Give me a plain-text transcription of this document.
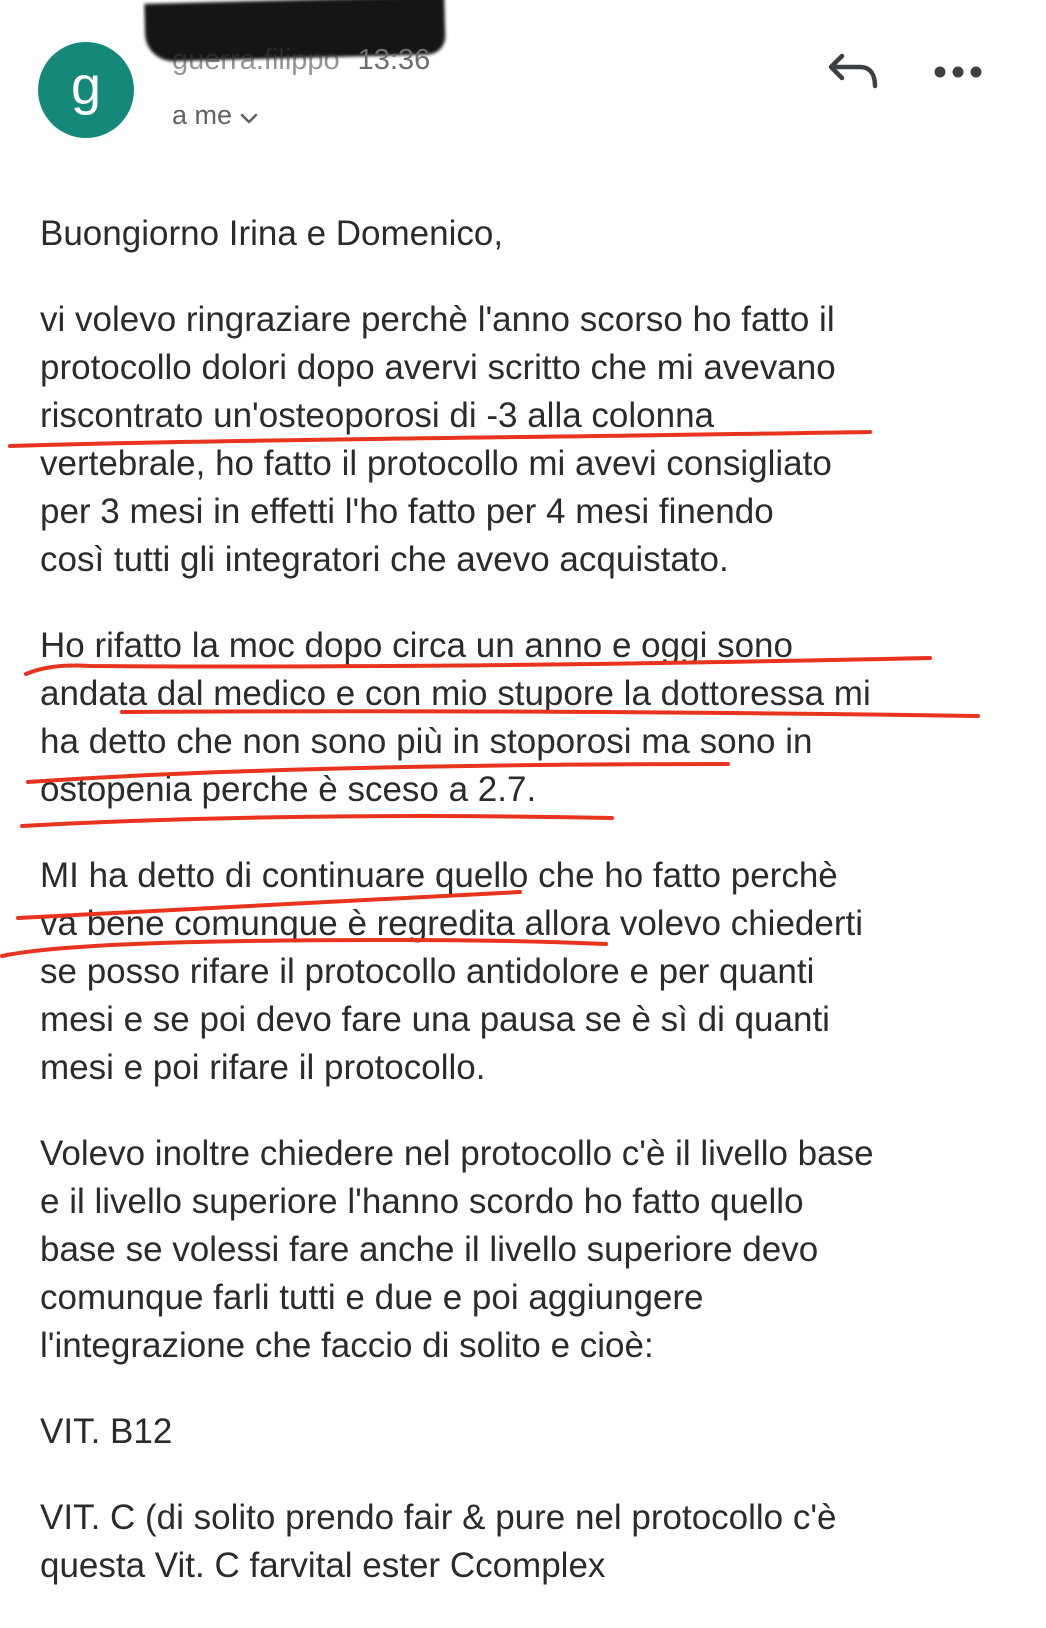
g	guerra.filippo 13:36
a me

Buongiorno Irina e Domenico,

vi volevo ringraziare perchè l'anno scorso ho fatto il
protocollo dolori dopo avervi scritto che mi avevano
riscontrato un'osteoporosi di -3 alla colonna
vertebrale, ho fatto il protocollo mi avevi consigliato
per 3 mesi in effetti l'ho fatto per 4 mesi finendo
così tutti gli integratori che avevo acquistato.

Ho rifatto la moc dopo circa un anno e oggi sono
andata dal medico e con mio stupore la dottoressa mi
ha detto che non sono più in stoporosi ma sono in
ostopenia perche è sceso a 2.7.

MI ha detto di continuare quello che ho fatto perchè
va bene comunque è regredita allora volevo chiederti
se posso rifare il protocollo antidolore e per quanti
mesi e se poi devo fare una pausa se è sì di quanti
mesi e poi rifare il protocollo.

Volevo inoltre chiedere nel protocollo c'è il livello base
e il livello superiore l'hanno scordo ho fatto quello
base se volessi fare anche il livello superiore devo
comunque farli tutti e due e poi aggiungere
l'integrazione che faccio di solito e cioè:

VIT. B12

VIT. C (di solito prendo fair & pure nel protocollo c'è
questa Vit. C farvital ester Ccomplex
